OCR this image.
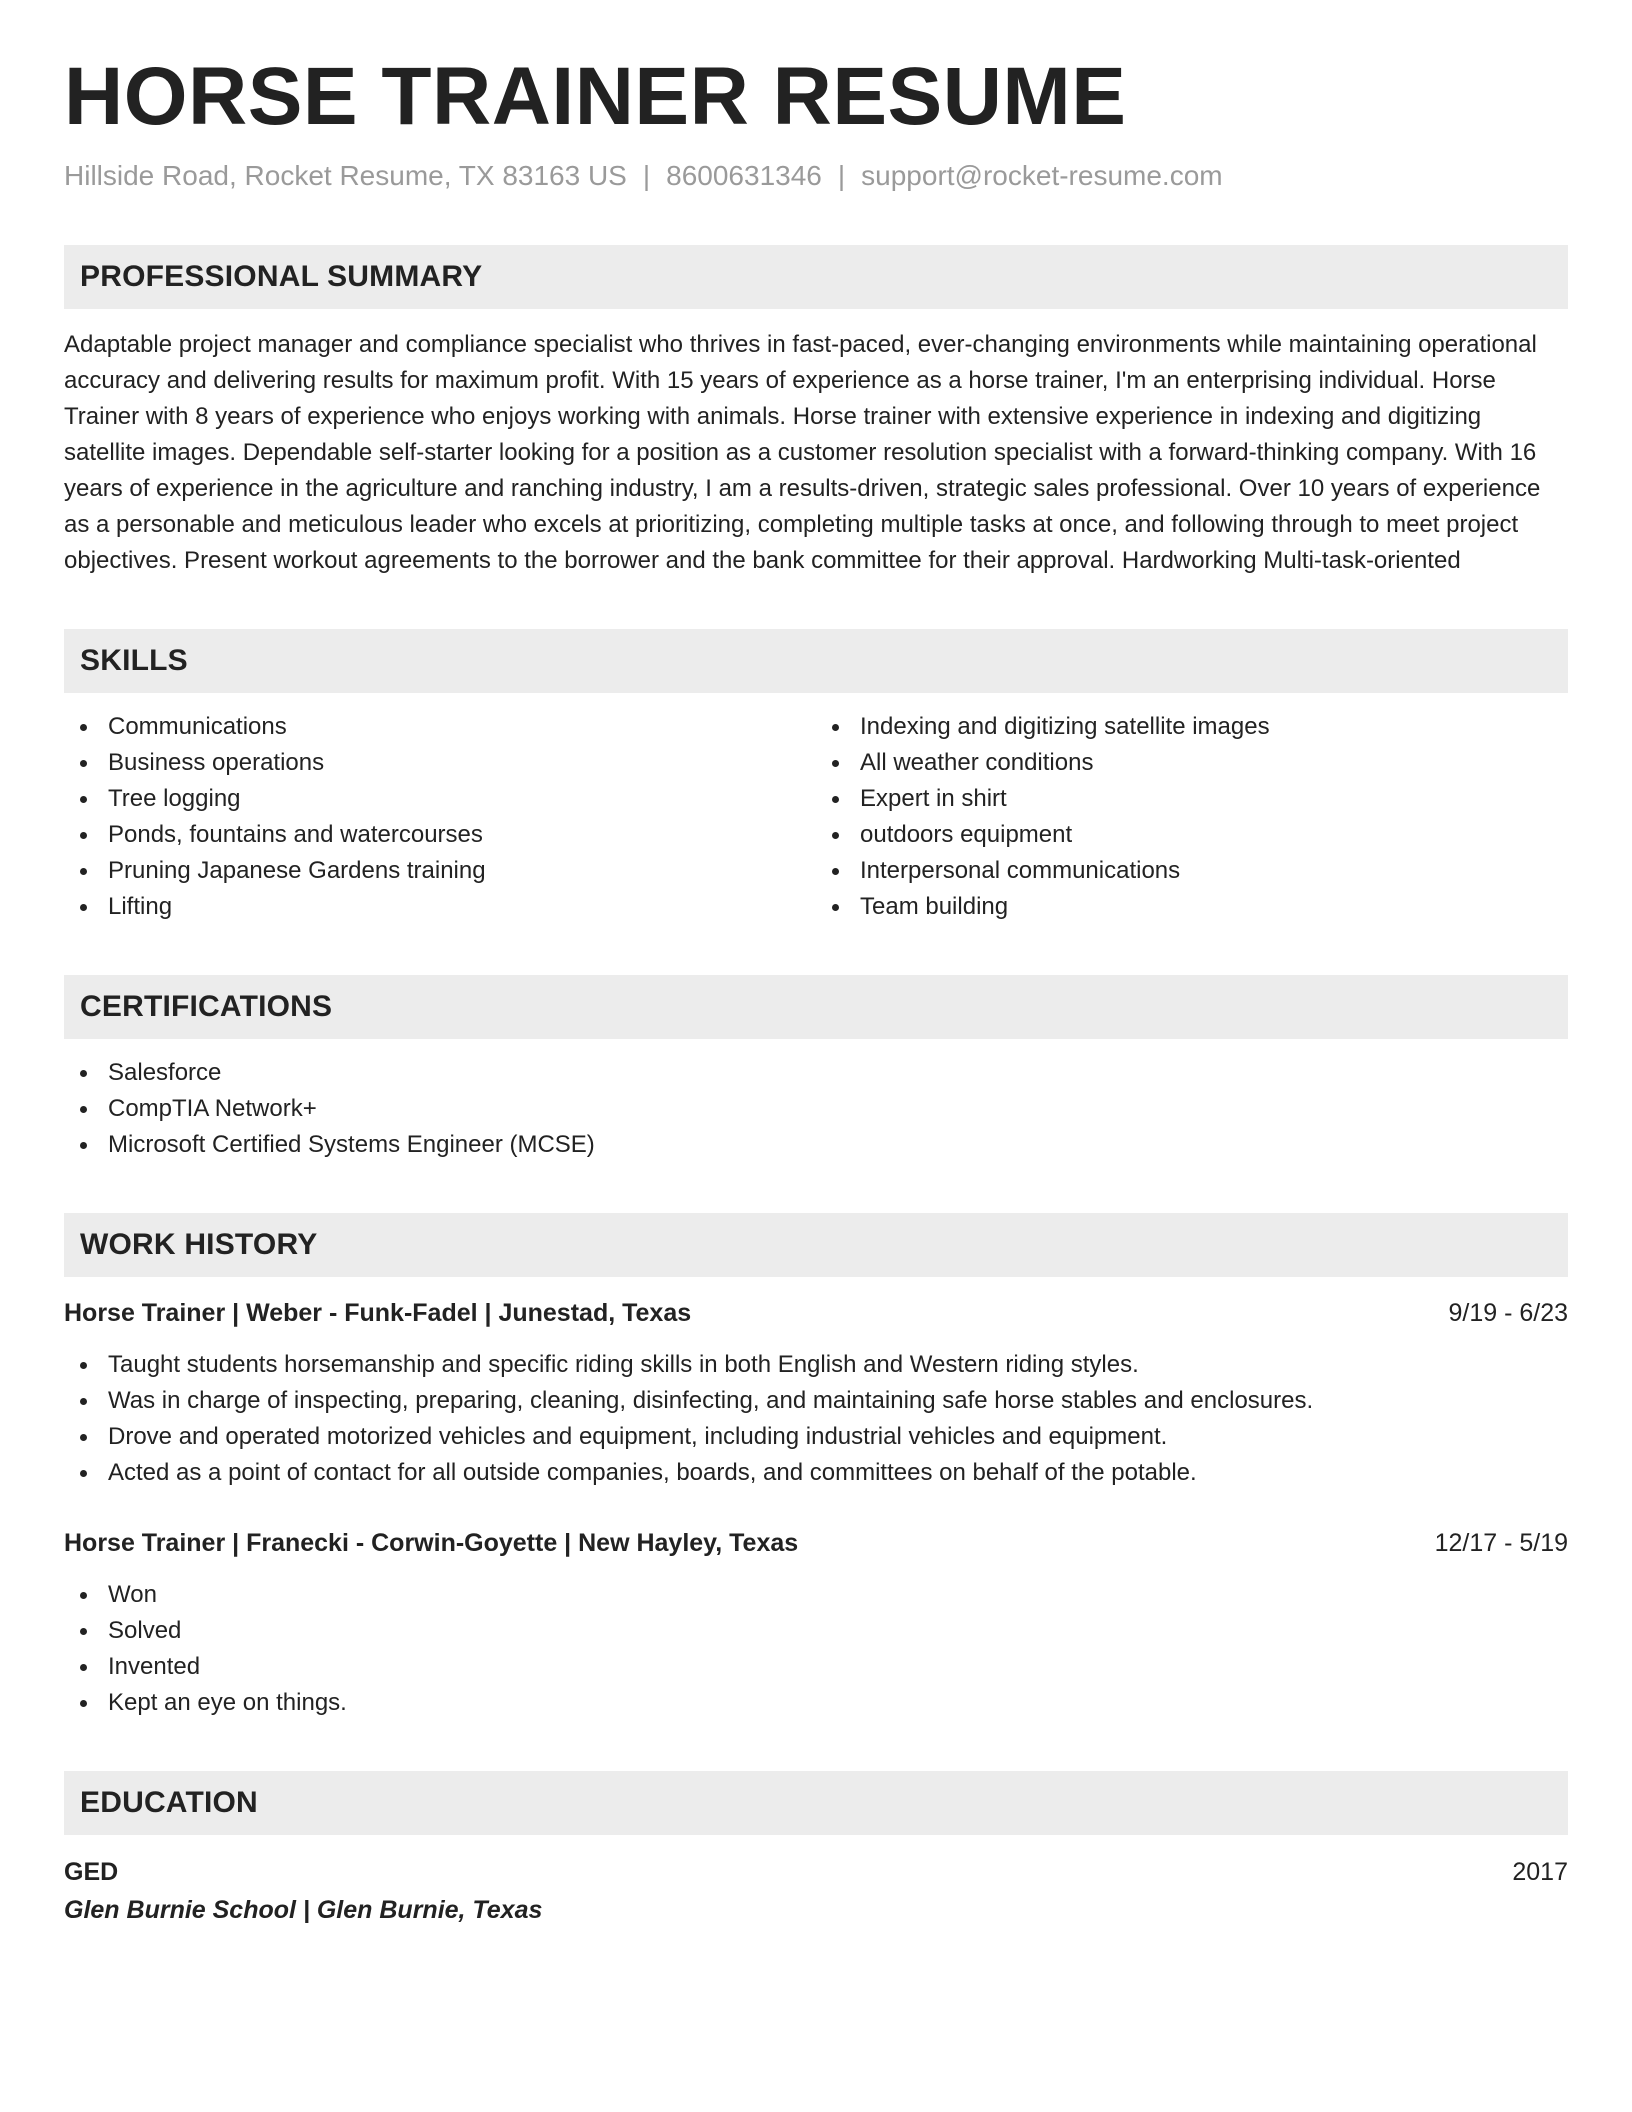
HORSE TRAINER RESUME
Hillside Road, Rocket Resume, TX 83163 US | 8600631346 | support@rocket-resume.com
PROFESSIONAL SUMMARY

Adaptable project manager and compliance specialist who thrives in fast-paced, ever-changing environments while maintaining operational accuracy and delivering results for maximum profit. With 15 years of experience as a horse trainer, I'm an enterprising individual. Horse Trainer with 8 years of experience who enjoys working with animals. Horse trainer with extensive experience in indexing and digitizing satellite images. Dependable self-starter looking for a position as a customer resolution specialist with a forward-thinking company. With 16 years of experience in the agriculture and ranching industry, I am a results-driven, strategic sales professional. Over 10 years of experience as a personable and meticulous leader who excels at prioritizing, completing multiple tasks at once, and following through to meet project objectives. Present workout agreements to the borrower and the bank committee for their approval. Hardworking Multi-task-oriented

SKILLS
Communications
Business operations
Tree logging
Ponds, fountains and watercourses
Pruning Japanese Gardens training
Lifting
Indexing and digitizing satellite images
All weather conditions
Expert in shirt
outdoors equipment
Interpersonal communications
Team building
CERTIFICATIONS
Salesforce
CompTIA Network+
Microsoft Certified Systems Engineer (MCSE)
WORK HISTORY
Horse Trainer | Weber - Funk-Fadel | Junestad, Texas	9/19 - 6/23
Taught students horsemanship and specific riding skills in both English and Western riding styles.
Was in charge of inspecting, preparing, cleaning, disinfecting, and maintaining safe horse stables and enclosures.
Drove and operated motorized vehicles and equipment, including industrial vehicles and equipment.
Acted as a point of contact for all outside companies, boards, and committees on behalf of the potable.
Horse Trainer | Franecki - Corwin-Goyette | New Hayley, Texas	12/17 - 5/19
Won
Solved
Invented
Kept an eye on things.
EDUCATION
GED	2017
Glen Burnie School | Glen Burnie, Texas
